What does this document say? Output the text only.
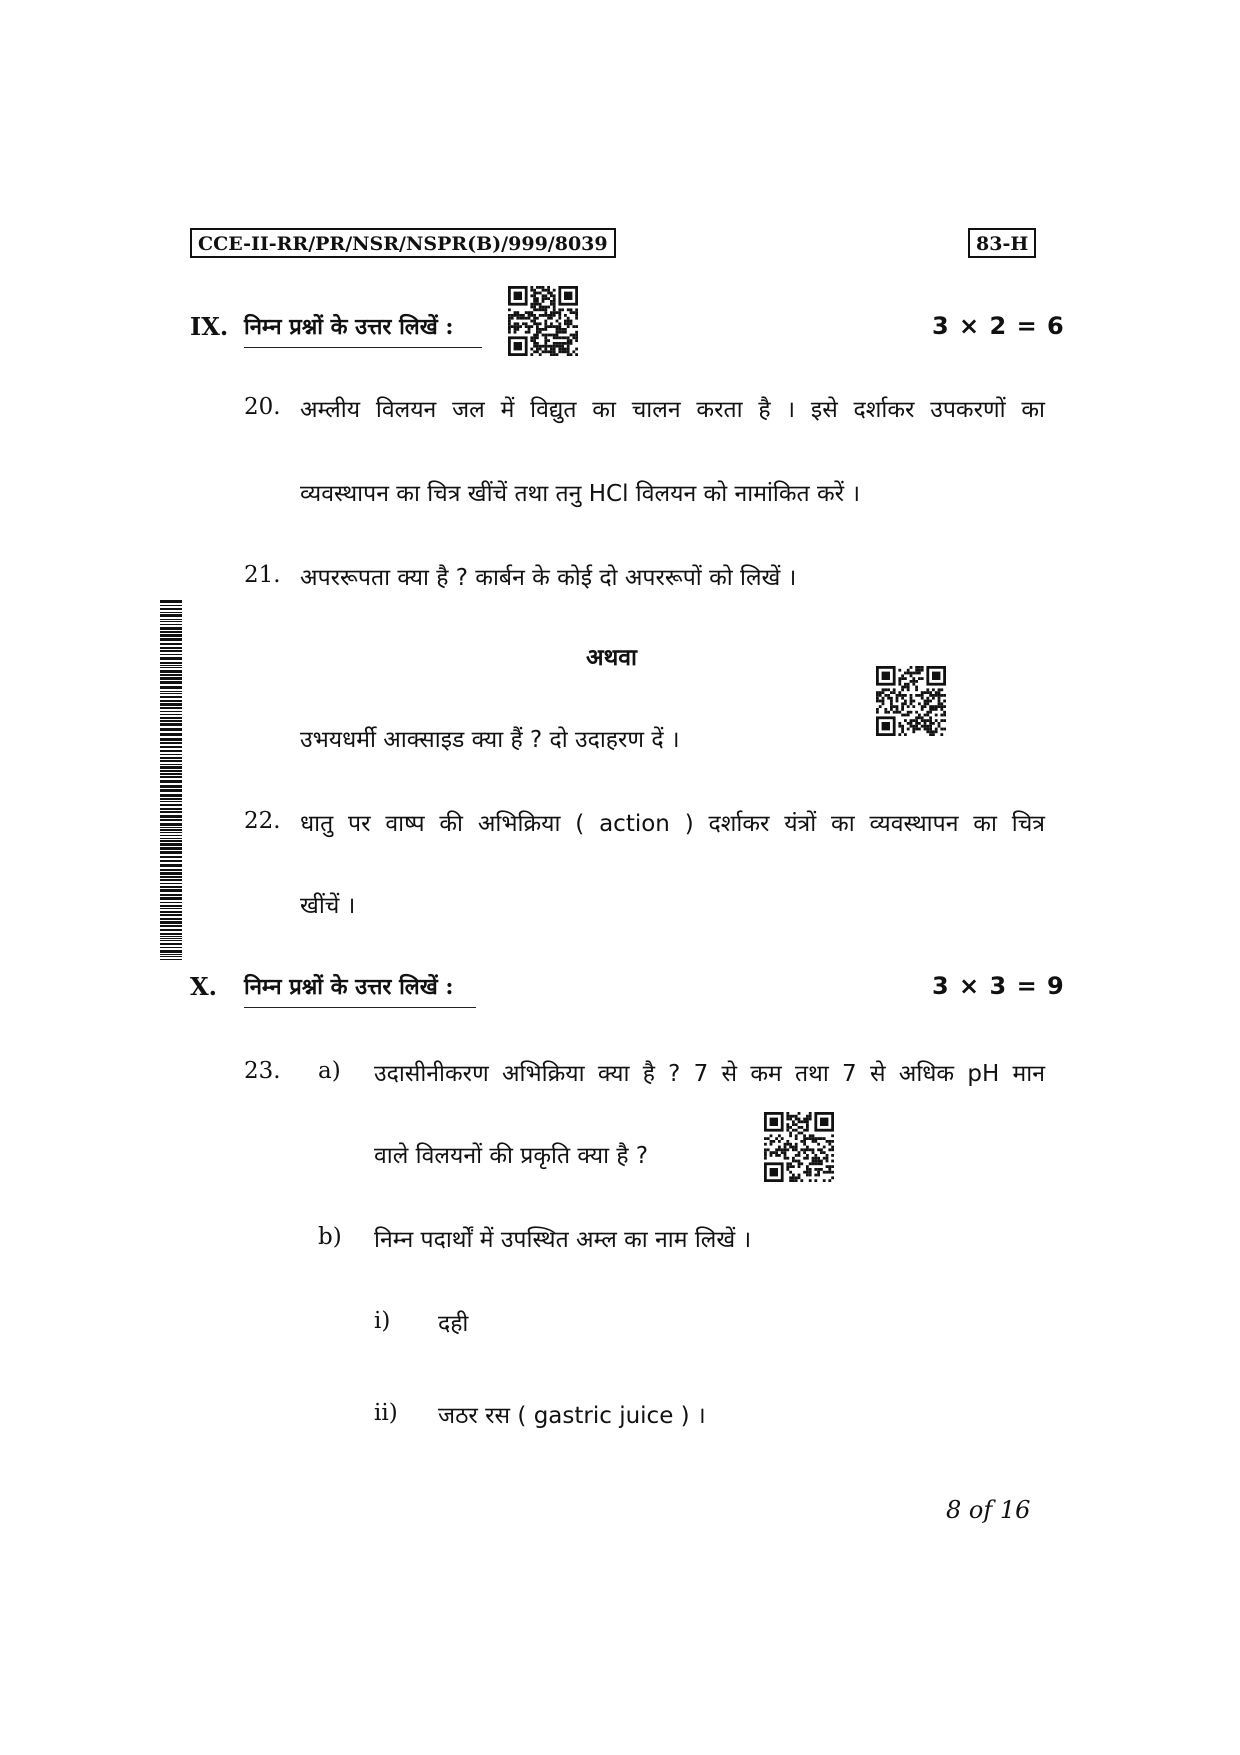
CCE-II-RR/PR/NSR/NSPR(B)/999/8039	83-H
IX. निम्न प्रश्नों के उत्तर लिखें :	3 × 2 = 6
20. अम्लीय विलयन जल में विद्युत का चालन करता है । इसे दर्शाकर उपकरणों का
व्यवस्थापन का चित्र खींचें तथा तनु HCl विलयन को नामांकित करें ।
21. अपररूपता क्या है ? कार्बन के कोई दो अपररूपों को लिखें ।
अथवा
उभयधर्मी आक्साइड क्या हैं ? दो उदाहरण दें ।
22. धातु पर वाष्प की अभिक्रिया ( action ) दर्शाकर यंत्रों का व्यवस्थापन का चित्र
खींचें ।
X. निम्न प्रश्नों के उत्तर लिखें :	3 × 3 = 9
23. a) उदासीनीकरण अभिक्रिया क्या है ? 7 से कम तथा 7 से अधिक pH मान
वाले विलयनों की प्रकृति क्या है ?
b) निम्न पदार्थों में उपस्थित अम्ल का नाम लिखें ।
i) दही
ii) जठर रस ( gastric juice ) ।
8 of 16
